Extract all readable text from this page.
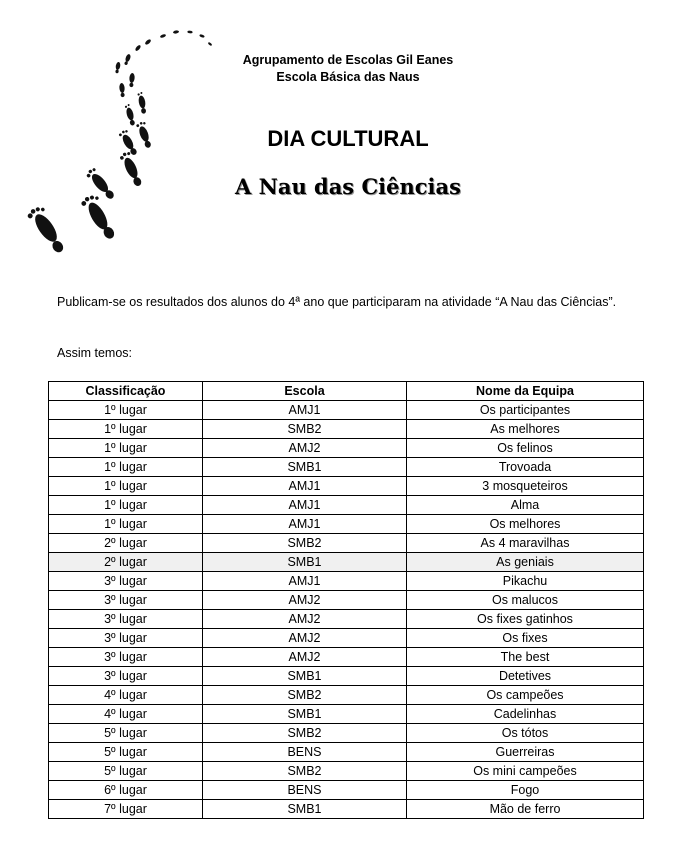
Agrupamento de Escolas Gil Eanes
Escola Básica das Naus
DIA CULTURAL
A Nau das Ciências
Publicam-se os resultados dos alunos do 4ª ano que participaram na atividade “A Nau das Ciências”.
Assim temos:
Classificação	Escola	Nome da Equipa
1º lugar	AMJ1	Os participantes
1º lugar	SMB2	As melhores
1º lugar	AMJ2	Os felinos
1º lugar	SMB1	Trovoada
1º lugar	AMJ1	3 mosqueteiros
1º lugar	AMJ1	Alma
1º lugar	AMJ1	Os melhores
2º lugar	SMB2	As 4 maravilhas
2º lugar	SMB1	As geniais
3º lugar	AMJ1	Pikachu
3º lugar	AMJ2	Os malucos
3º lugar	AMJ2	Os fixes gatinhos
3º lugar	AMJ2	Os fixes
3º lugar	AMJ2	The best
3º lugar	SMB1	Detetives
4º lugar	SMB2	Os campeões
4º lugar	SMB1	Cadelinhas
5º lugar	SMB2	Os tótos
5º lugar	BENS	Guerreiras
5º lugar	SMB2	Os mini campeões
6º lugar	BENS	Fogo
7º lugar	SMB1	Mão de ferro
